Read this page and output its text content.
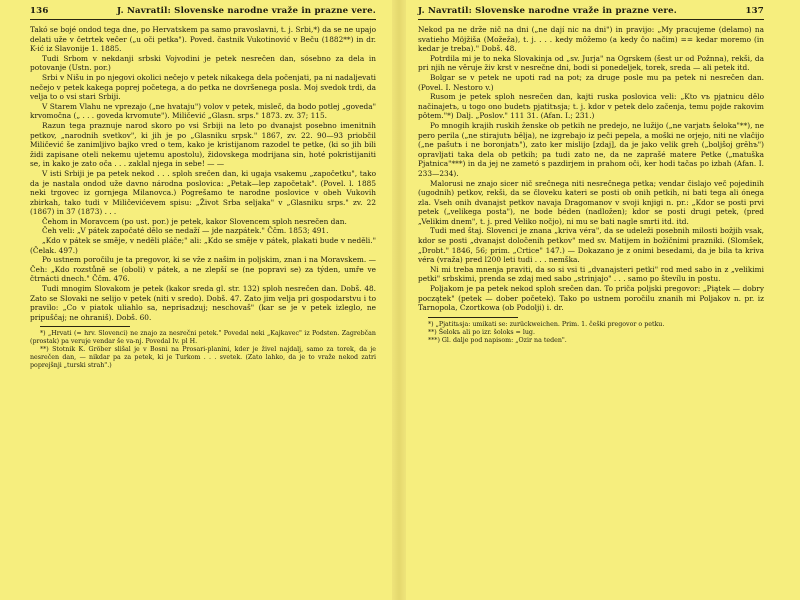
136	J. Navratil: Slovenske narodne vraže in prazne vere.

Takó se bojé ondod tega dne, po Hervatskem pa samo pravoslavni, t. j. Srbi,*) da se ne upajo delati uže v četrtek večer („u oči petka"). Poved. častnik Vukotinović v Beču (1882**) in dr. K-ić iz Slavonije 1. 1885.

Tudi Srbom v nekdanji srbski Vojvodini je petek nesrečen dan, sósebno za dela in potovanje (Ustn. por.)

Srbi v Nišu in po njegovi okolici nečejo v petek nikakega dela počenjati, pa ni nadaljevati nečejo v petek kakega poprej početega, a do petka ne dovršenega posla. Moj svedok trdi, da velja to o vsi stari Srbiji.

V Starem Vlahu ne vprezajo („ne hvataju") volov v petek, misleč, da bodo potlej „goveda" krvomočna („ . . . goveda krvomute"). Miličević „Glasn. srps." 1873. zv. 37; 115.

Razun tega praznuje narod skoro po vsi Srbiji na leto po dvanajst posebno imenitnih petkov, „narodnih svetkov", ki jih je po „Glasniku srpsk." 1867, zv. 22. 90—93 priobčil Miličević še zanimljivo bajko vred o tem, kako je kristijanom razodel te petke, (ki so jih bili židi zapisane oteli nekemu ujetemu apostolu), židovskega modrijana sin, hoté pokristijaniti se, in kako je zato oča . . . zaklal njega in sebe! — —

V isti Srbiji je pa petek nekod . . . sploh srečen dan, ki ugaja vsakemu „započetku", tako da je nastala ondod uže davno národna poslovica: „Petak—lep započetak". (Povel. l. 1885 neki trgovec iz gornjega Milanovca.) Pogrešamo te narodne poslovice v obeh Vukovih zbirkah, tako tudi v Miličevićevem spisu: „Život Srba seljaka" v „Glasniku srps." zv. 22 (1867) in 37 (1873) . . .

Čehom in Moravcem (po ust. por.) je petek, kakor Slovencem sploh nesrečen dan.

Čeh veli: „V pátek započaté dělo se nedaží — jde nazpátek." Ččm. 1853; 491.

„Kdo v pátek se směje, v neděli pláče;" ali: „Kdo se směje v pátek, plakati bude v neděli." (Čelak. 497.)

Po ustnem poročilu je ta pregovor, ki se vže z našim in poljskim, znan i na Moravskem. — Čeh: „Kdo rozstůně se (oboli) v pátek, a ne zlepší se (ne popravi se) za týden, umře ve čtrnácti dnech." Ččm. 476.

Tudi mnogim Slovakom je petek (kakor sreda gl. str. 132) sploh nesrečen dan. Dobš. 48. Zato se Slovaki ne selijo v petek (niti v sredo). Dobš. 47. Zato jim velja pri gospodarstvu i to pravilo: „Co v piatok uliahlo sa, neprisadzuj; neschovaš" (kar se je v petek izleglo, ne pripuščaj; ne ohraniš). Dobš. 60.

*) „Hrvati (= hrv. Slovenci) ne znajo za nesrečni petek." Povedal neki „Kajkavec" iz Podsten. Zagrebčan (prostak) pa veruje vendar še va-nj. Povedal Iv. pl H.

**) Stotnik K. Gröber slišal je v Bosni na Prosari-planini, kder je živel najdalj, samo za torek, da je nesrečen dan, — nikdar pa za petek, ki je Turkom . . . svetek. (Zato lahko, da je to vraže nekod zatri poprejšnji „turski strah".)

J. Navratil: Slovenske narodne vraže in prazne vere.	137

Nekod pa ne drže nič na dni („ne dají nic na dni") in pravijo: „My pracujeme (delamo) na svatieho Möjžiša (Možeža), t. j. . . . kedy môžemo (a kedy čo načim) == kedar moremo (in kedar je treba)." Dobš. 48.

Potrdila mi je to neka Slovakinja od „sv. Jurja" na Ogrskem (šest ur od Požnna), rekši, da pri njih ne věruje živ krst v nesrečne dni, bodi si ponedeljek, torek, sreda — ali petek itd.

Bolgar se v petek ne upoti rad na pot; za druge posle mu pa petek ni nesrečen dan. (Povel. I. Nestoro v.)

Rusom je petek sploh nesrečen dan, kajti ruska poslovica veli: „Kto vъ pjatnicu dělo načinajetъ, u togo ono budetъ pjatitъsja; t. j. kdor v petek delo začenja, temu pojde rakovim pôtem."*) Dalj. „Poslov." 111 31. (Afan. I.; 231.)

Po mnogih krajih ruskih ženske ob petkih ne predejo, ne lužijo („ne varjatъ šeloka"**), ne pero perila („ne stirajutъ bělja), ne izgrebajo iz peči pepela, a moški ne orjejo, niti ne vlačijo („ne pašutъ i ne boronjatъ"), zato ker mislijo [zdaj], da je jako velik greh („boljšoj grěhъ") opravljati taka dela ob petkih; pa tudi zato ne, da ne zaprašé matere Petke („matuška Pjatnica"***) in da jej ne zametó s pazdirjem in prahom oči, ker hodi tačas po izbah (Afan. I. 233—234).

Malorusi ne znajo sicer nič srečnega niti nesrečnega petka; vendar čislajo več pojedinih (ugodnih) petkov, rekši, da se človeku kateri se posti ob onih petkih, ni bati tega ali ónega zla. Vseh onih dvanajst petkov navaja Dragomanov v svoji knjigi n. pr.: „Kdor se posti prvi petek („velikega posta"), ne bode béden (nadložen); kdor se posti drugi petek, (pred „Velikim dnem", t. j. pred Veliko nočjo), ni mu se bati nagle smrti itd. itd.

Tudi med štaj. Slovenci je znana „kriva véra", da se udeleži posebnih milosti božjih vsak, kdor se posti „dvanajst določenih petkov" med sv. Matijem in božičnimi prazniki. (Slomšek, „Drobt." 1846, 56; prim. „Crtice" 147.) — Dokazano je z onimi besedami, da je bila ta kriva véra (vraža) pred l200 leti tudi . . . nemška.

Ni mi treba mnenja praviti, da so si vsi ti „dvanajsteri petki" rod med sabo in z „velikimi petki" srbskimi, prenda se zdaj med sabo „strinjajo" . . . samo po števílu in postu.

Poljakom je pa petek nekod sploh srečen dan. To priča poljski pregovor: „Piątek — dobry początek" (petek — dober početek). Tako po ustnem poročilu znanih mi Poljakov n. pr. iz Tarnopola, Czortkowa (ob Podolji) i. dr.

*) „Pjatitьsja: umikati se: zurückweichen. Prim. 1. češki pregovor o petku.

**) Šelokъ ali po izr. šoloks = lug.

***) Gl. dalje pod napisom: „Ozir na teden".
